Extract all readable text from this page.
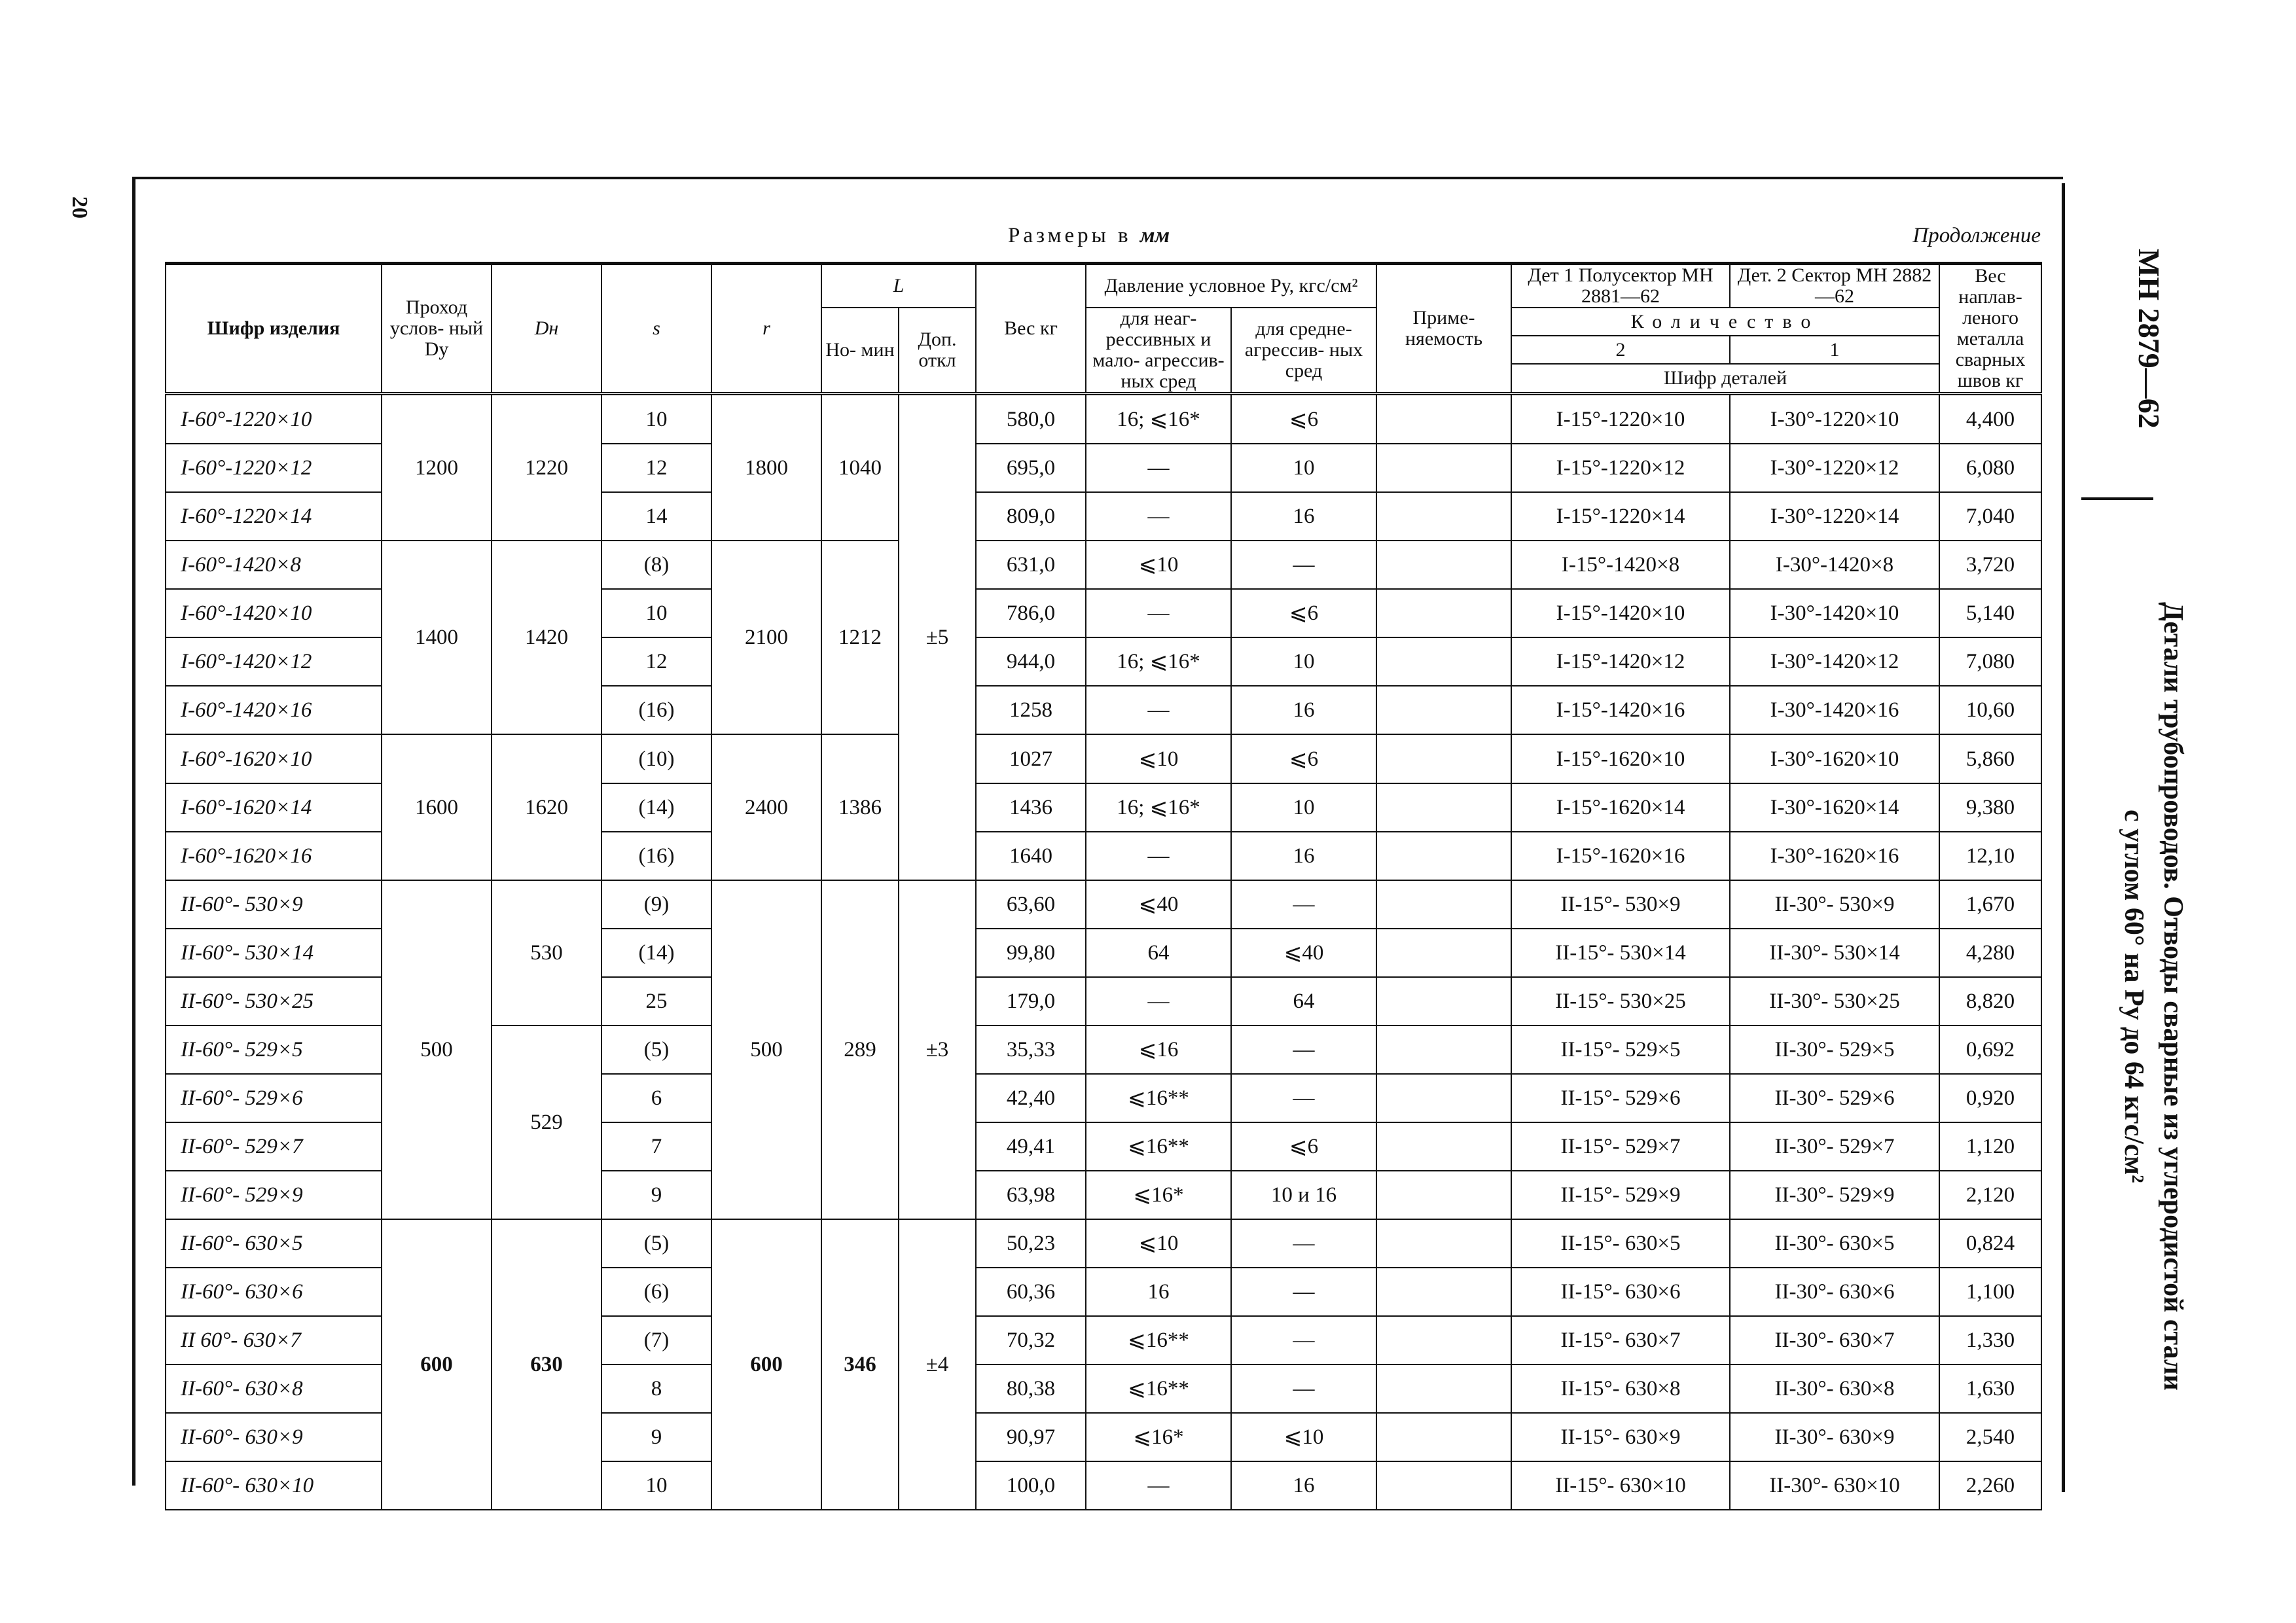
20
Размеры в мм	Продолжение
МН 2879—62
Детали трубопроводов. Отводы сварные из углеродистой стали
с углом 60° на Pу до 64 кгс/см²
Шифр изделия	Проход услов- ный Dу	Dн	s	r	L		Вес кг	Давление условное Pу, кгс/см²		Приме- няемость	Дет 1 Полусектор МН 2881—62	Дет. 2 Сектор МН 2882—62	Вес наплав- леного металла сварных швов кг
					Но- мин	Доп. откл		для неаг- рессивных и мало- агрессив- ных сред	для средне- агрессив- ных сред		Количество		
											2	1	
											Шифр деталей		
I-60°-1220×10	1200	1220	10	1800	1040	±5	580,0	16; ⩽16*	⩽6		I-15°-1220×10	I-30°-1220×10	4,400
I-60°-1220×12			12				695,0	—	10		I-15°-1220×12	I-30°-1220×12	6,080
I-60°-1220×14			14				809,0	—	16		I-15°-1220×14	I-30°-1220×14	7,040
I-60°-1420×8	1400	1420	(8)	2100	1212		631,0	⩽10	—		I-15°-1420×8	I-30°-1420×8	3,720
I-60°-1420×10			10				786,0	—	⩽6		I-15°-1420×10	I-30°-1420×10	5,140
I-60°-1420×12			12				944,0	16; ⩽16*	10		I-15°-1420×12	I-30°-1420×12	7,080
I-60°-1420×16			(16)				1258	—	16		I-15°-1420×16	I-30°-1420×16	10,60
I-60°-1620×10	1600	1620	(10)	2400	1386		1027	⩽10	⩽6		I-15°-1620×10	I-30°-1620×10	5,860
I-60°-1620×14			(14)				1436	16; ⩽16*	10		I-15°-1620×14	I-30°-1620×14	9,380
I-60°-1620×16			(16)				1640	—	16		I-15°-1620×16	I-30°-1620×16	12,10
II-60°- 530×9	500	530	(9)	500	289	±3	63,60	⩽40	—		II-15°- 530×9	II-30°- 530×9	1,670
II-60°- 530×14			(14)				99,80	64	⩽40		II-15°- 530×14	II-30°- 530×14	4,280
II-60°- 530×25			25				179,0	—	64		II-15°- 530×25	II-30°- 530×25	8,820
II-60°- 529×5		529	(5)				35,33	⩽16	—		II-15°- 529×5	II-30°- 529×5	0,692
II-60°- 529×6			6				42,40	⩽16**	—		II-15°- 529×6	II-30°- 529×6	0,920
II-60°- 529×7			7				49,41	⩽16**	⩽6		II-15°- 529×7	II-30°- 529×7	1,120
II-60°- 529×9			9				63,98	⩽16*	10 и 16		II-15°- 529×9	II-30°- 529×9	2,120
II-60°- 630×5	600	630	(5)	600	346	±4	50,23	⩽10	—		II-15°- 630×5	II-30°- 630×5	0,824
II-60°- 630×6			(6)				60,36	16	—		II-15°- 630×6	II-30°- 630×6	1,100
II 60°- 630×7			(7)				70,32	⩽16**	—		II-15°- 630×7	II-30°- 630×7	1,330
II-60°- 630×8			8				80,38	⩽16**	—		II-15°- 630×8	II-30°- 630×8	1,630
II-60°- 630×9			9				90,97	⩽16*	⩽10		II-15°- 630×9	II-30°- 630×9	2,540
II-60°- 630×10			10				100,0	—	16		II-15°- 630×10	II-30°- 630×10	2,260
